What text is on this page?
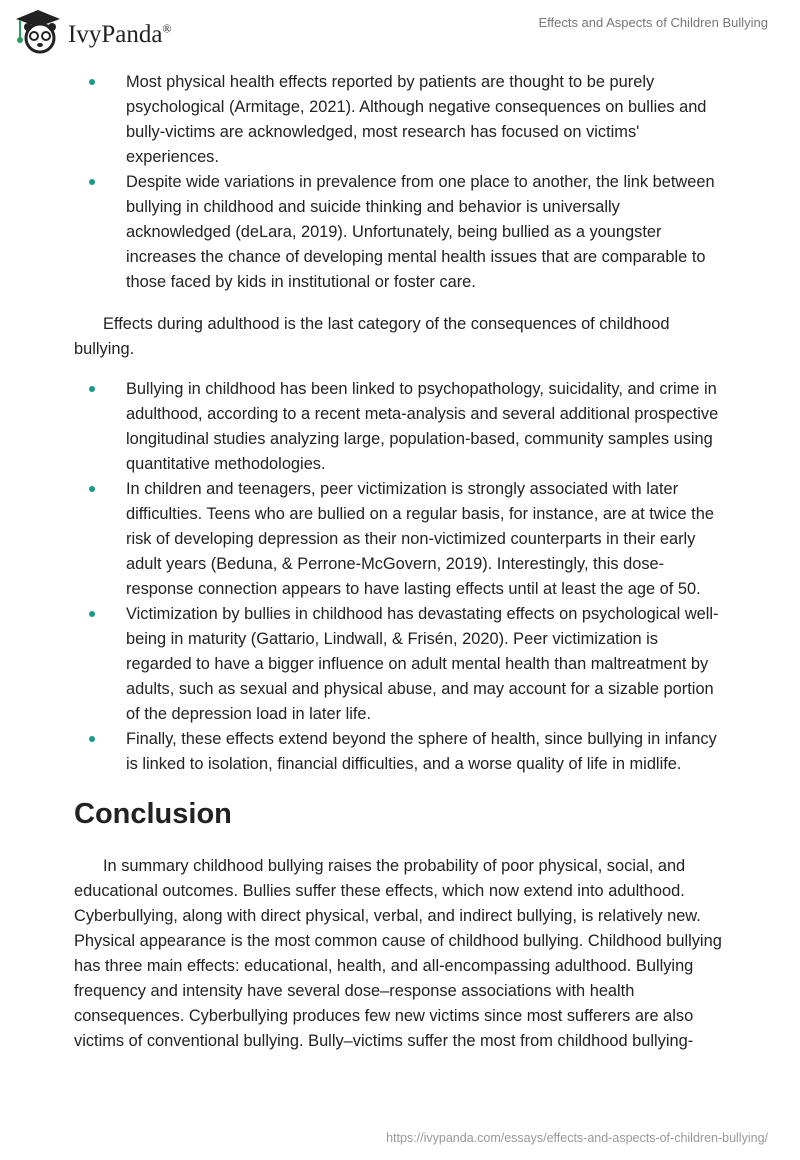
IvyPanda®	Effects and Aspects of Children Bullying
Most physical health effects reported by patients are thought to be purely psychological (Armitage, 2021). Although negative consequences on bullies and bully-victims are acknowledged, most research has focused on victims' experiences.
Despite wide variations in prevalence from one place to another, the link between bullying in childhood and suicide thinking and behavior is universally acknowledged (deLara, 2019). Unfortunately, being bullied as a youngster increases the chance of developing mental health issues that are comparable to those faced by kids in institutional or foster care.

Effects during adulthood is the last category of the consequences of childhood bullying.

Bullying in childhood has been linked to psychopathology, suicidality, and crime in adulthood, according to a recent meta-analysis and several additional prospective longitudinal studies analyzing large, population-based, community samples using quantitative methodologies.
In children and teenagers, peer victimization is strongly associated with later difficulties. Teens who are bullied on a regular basis, for instance, are at twice the risk of developing depression as their non-victimized counterparts in their early adult years (Beduna, & Perrone-McGovern, 2019). Interestingly, this dose-response connection appears to have lasting effects until at least the age of 50.
Victimization by bullies in childhood has devastating effects on psychological well-being in maturity (Gattario, Lindwall, & Frisén, 2020). Peer victimization is regarded to have a bigger influence on adult mental health than maltreatment by adults, such as sexual and physical abuse, and may account for a sizable portion of the depression load in later life.
Finally, these effects extend beyond the sphere of health, since bullying in infancy is linked to isolation, financial difficulties, and a worse quality of life in midlife.
Conclusion

In summary childhood bullying raises the probability of poor physical, social, and educational outcomes. Bullies suffer these effects, which now extend into adulthood. Cyberbullying, along with direct physical, verbal, and indirect bullying, is relatively new. Physical appearance is the most common cause of childhood bullying. Childhood bullying has three main effects: educational, health, and all-encompassing adulthood. Bullying frequency and intensity have several dose–response associations with health consequences. Cyberbullying produces few new victims since most sufferers are also victims of conventional bullying. Bully–victims suffer the most from childhood bullying-

https://ivypanda.com/essays/effects-and-aspects-of-children-bullying/
